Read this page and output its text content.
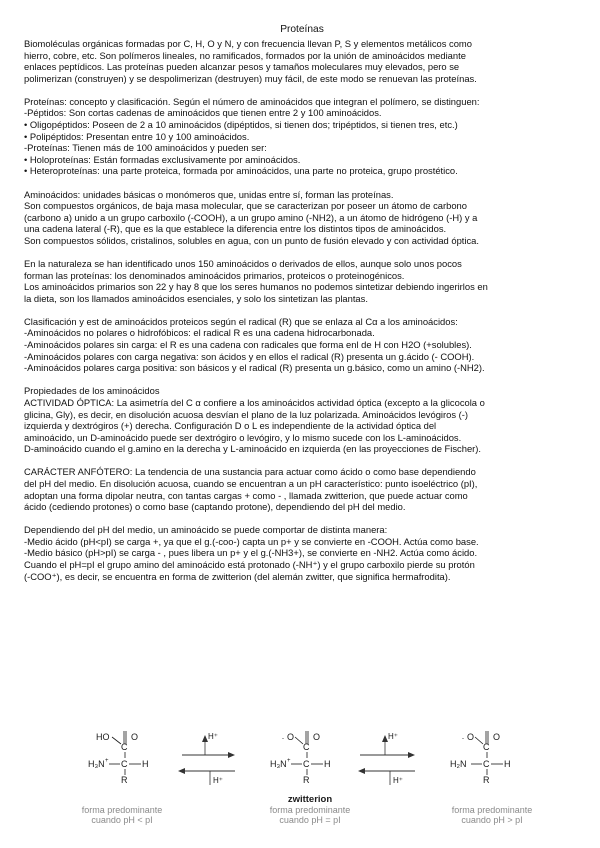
Proteínas

Biomoléculas orgánicas formadas por C, H, O y N, y con frecuencia llevan P, S y elementos metálicos como

hierro, cobre, etc. Son polímeros lineales, no ramificados, formados por la unión de aminoácidos mediante

enlaces peptídicos. Las proteínas pueden alcanzar pesos y tamaños moleculares muy elevados, pero se

polimerizan (construyen) y se despolimerizan (destruyen) muy fácil, de este modo se renuevan las proteínas.

Proteínas: concepto y clasificación. Según el número de aminoácidos que integran el polímero, se distinguen:

-Péptidos: Son cortas cadenas de aminoácidos que tienen entre 2 y 100 aminoácidos.

• Oligopéptidos: Poseen de 2 a 10 aminoácidos (dipéptidos, si tienen dos; tripéptidos, si tienen tres, etc.)

• Polipéptidos: Presentan entre 10 y 100 aminoácidos.

-Proteínas: Tienen más de 100 aminoácidos y pueden ser:

• Holoproteínas: Están formadas exclusivamente por aminoácidos.

• Heteroproteínas: una parte proteica, formada por aminoácidos, una parte no proteica, grupo prostético.

Aminoácidos: unidades básicas o monómeros que, unidas entre sí, forman las proteínas.

Son compuestos orgánicos, de baja masa molecular, que se caracterizan por poseer un átomo de carbono

(carbono a) unido a un grupo carboxilo (-COOH), a un grupo amino (-NH2), a un átomo de hidrógeno (-H) y a

una cadena lateral (-R), que es la que establece la diferencia entre los distintos tipos de aminoácidos.

Son compuestos sólidos, cristalinos, solubles en agua, con un punto de fusión elevado y con actividad óptica.

En la naturaleza se han identificado unos 150 aminoácidos o derivados de ellos, aunque solo unos pocos

forman las proteínas: los denominados aminoácidos primarios, proteicos o proteinogénicos.

Los aminoácidos primarios son 22 y hay 8 que los seres humanos no podemos sintetizar debiendo ingerirlos en

la dieta, son los llamados aminoácidos esenciales, y solo los sintetizan las plantas.

Clasificación y est de aminoácidos proteicos según el radical (R) que se enlaza al Cα a los aminoácidos:

-Aminoácidos no polares o hidrofóbicos: el radical R es una cadena hidrocarbonada.

-Aminoácidos polares sin carga: el R es una cadena con radicales que forma enl de H con H2O (+solubles).

-Aminoácidos polares con carga negativa: son ácidos y en ellos el radical (R) presenta un g.ácido (- COOH).

-Aminoácidos polares carga positiva: son básicos y el radical (R) presenta un g.básico, como un amino (-NH2).

Propiedades de los aminoácidos

ACTIVIDAD ÓPTICA: La asimetría del C α confiere a los aminoácidos actividad óptica (excepto a la glicocola o

glicina, Gly), es decir, en disolución acuosa desvían el plano de la luz polarizada. Aminoácidos levógiros (-)

izquierda y dextrógiros (+) derecha. Configuración D o L es independiente de la actividad óptica del

aminoácido, un D-aminoácido puede ser dextrógiro o levógiro, y lo mismo sucede con los L-aminoácidos.

D-aminoácido cuando el g.amino en la derecha y L-aminoácido en izquierda (en las proyecciones de Fischer).

CARÁCTER ANFÓTERO: La tendencia de una sustancia para actuar como ácido o como base dependiendo

del pH del medio. En disolución acuosa, cuando se encuentran a un pH característico: punto isoeléctrico (pI),

adoptan una forma dipolar neutra, con tantas cargas + como - , llamada zwitterion, que puede actuar como

ácido (cediendo protones) o como base (captando protone), dependiendo del pH del medio.

Dependiendo del pH del medio, un aminoácido se puede comportar de distinta manera:

-Medio ácido (pH<pI) se carga +, ya que el g.(-coo-) capta un p+ y se convierte en -COOH. Actúa como base.

-Medio básico (pH>pI) se carga - , pues libera un p+ y el g.(-NH3+), se convierte en -NH2. Actúa como ácido.

Cuando el pH=pI el grupo amino del aminoácido está protonado (-NH⁺) y el grupo carboxilo pierde su protón

(-COO⁺), es decir, se encuentra en forma de zwitterion (del alemán zwitter, que significa hermafrodita).

HO O
C
H₃N + C H
R
H⁺
H⁺
- O O
C
H₃N + C H
R
H⁺
H⁺
- O O
C
H₂N C H
R
zwitterion
forma predominante
cuando pH < pI
forma predominante
cuando pH = pI
forma predominante
cuando pH > pI
